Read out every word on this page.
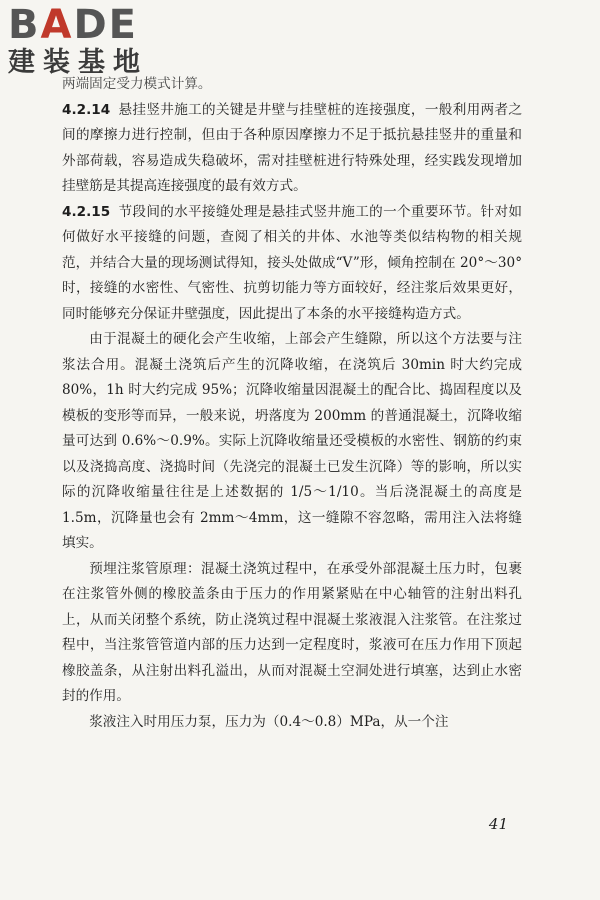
BADE
建装基地

两端固定受力模式计算。

4.2.14 悬挂竖井施工的关键是井壁与挂壁桩的连接强度，一般利用两者之间的摩擦力进行控制，但由于各种原因摩擦力不足于抵抗悬挂竖井的重量和外部荷载，容易造成失稳破坏，需对挂壁桩进行特殊处理，经实践发现增加挂壁筋是其提高连接强度的最有效方式。

4.2.15 节段间的水平接缝处理是悬挂式竖井施工的一个重要环节。针对如何做好水平接缝的问题，查阅了相关的井体、水池等类似结构物的相关规范，并结合大量的现场测试得知，接头处做成“V”形，倾角控制在 20°～30°时，接缝的水密性、气密性、抗剪切能力等方面较好，经注浆后效果更好，同时能够充分保证井壁强度，因此提出了本条的水平接缝构造方式。

由于混凝土的硬化会产生收缩，上部会产生缝隙，所以这个方法要与注浆法合用。混凝土浇筑后产生的沉降收缩，在浇筑后 30min 时大约完成 80%，1h 时大约完成 95%；沉降收缩量因混凝土的配合比、捣固程度以及模板的变形等而异，一般来说，坍落度为 200mm 的普通混凝土，沉降收缩量可达到 0.6%～0.9%。实际上沉降收缩量还受模板的水密性、钢筋的约束以及浇捣高度、浇捣时间（先浇完的混凝土已发生沉降）等的影响，所以实际的沉降收缩量往往是上述数据的 1/5～1/10。当后浇混凝土的高度是 1.5m，沉降量也会有 2mm～4mm，这一缝隙不容忽略，需用注入法将缝填实。

预埋注浆管原理：混凝土浇筑过程中，在承受外部混凝土压力时，包裹在注浆管外侧的橡胶盖条由于压力的作用紧紧贴在中心轴管的注射出料孔上，从而关闭整个系统，防止浇筑过程中混凝土浆液混入注浆管。在注浆过程中，当注浆管管道内部的压力达到一定程度时，浆液可在压力作用下顶起橡胶盖条，从注射出料孔溢出，从而对混凝土空洞处进行填塞，达到止水密封的作用。

浆液注入时用压力泵，压力为（0.4～0.8）MPa，从一个注

41
